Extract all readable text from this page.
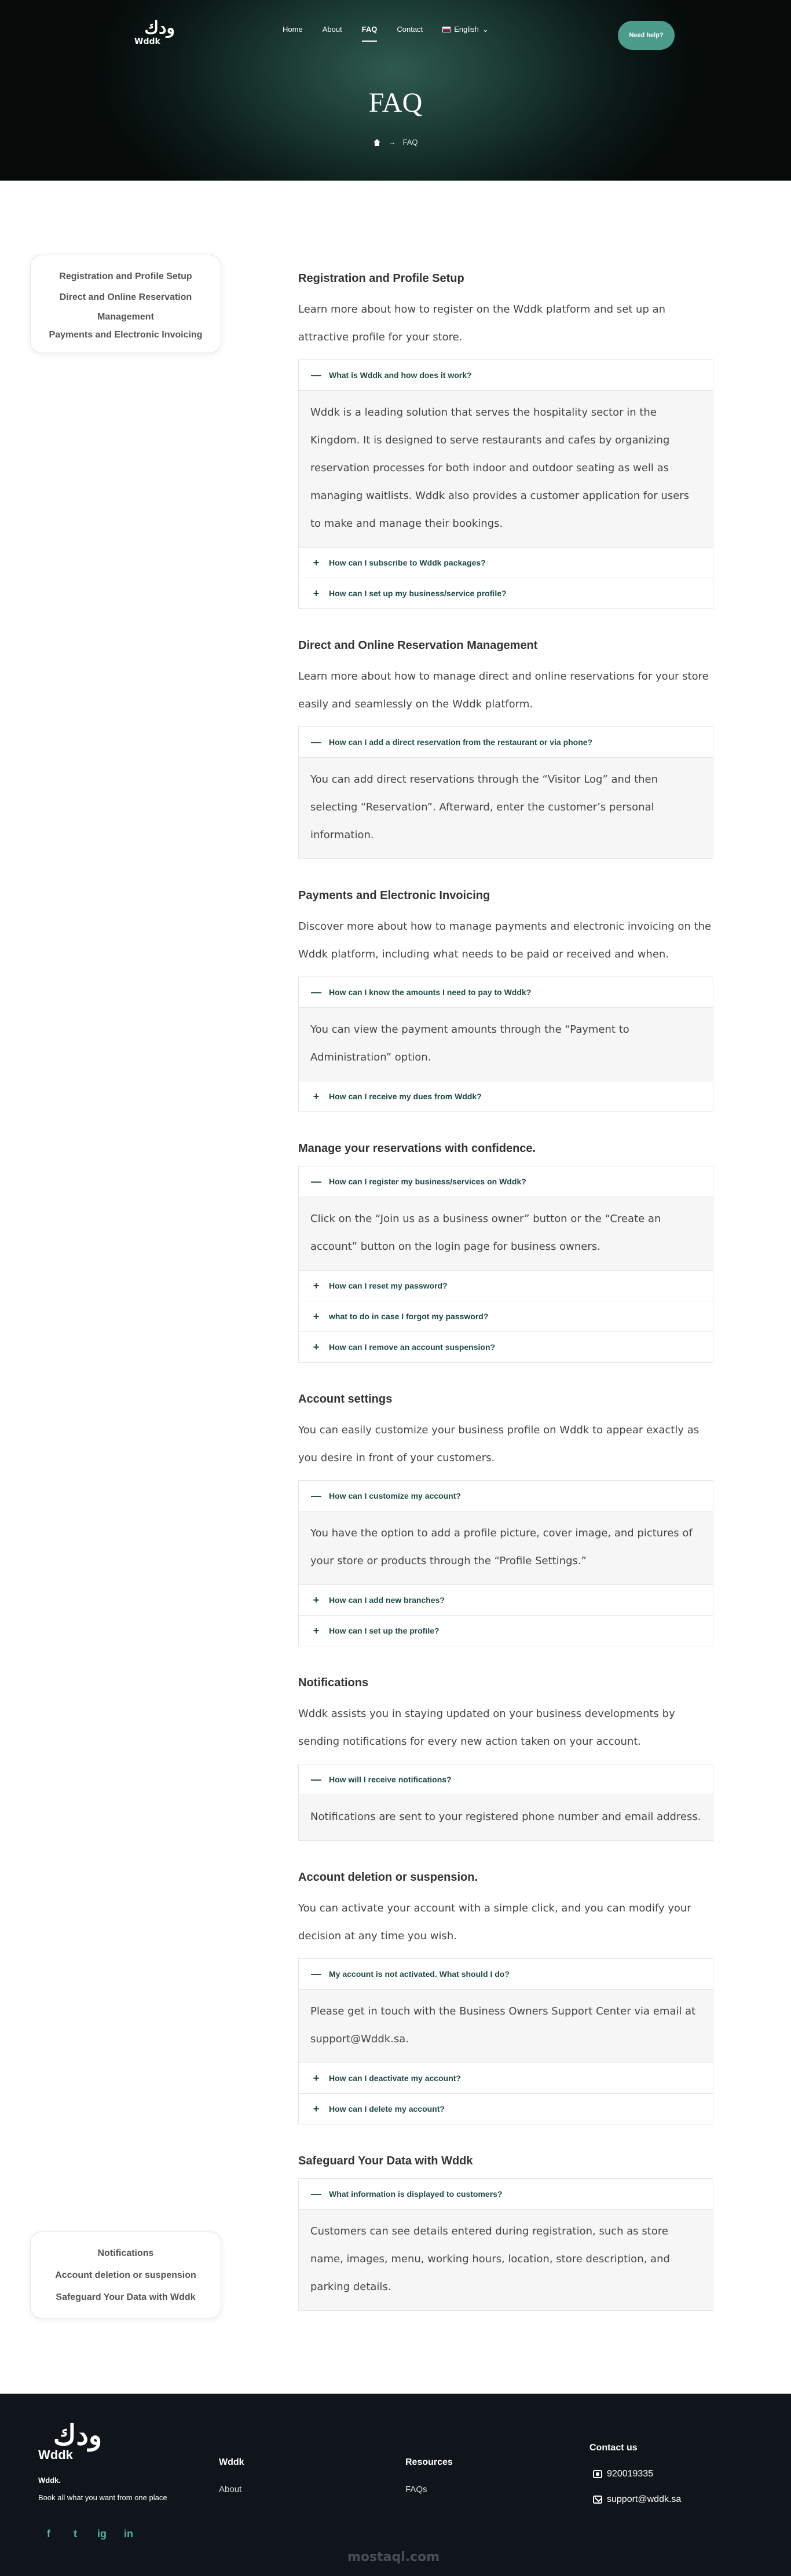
ودك
Wddk
Home	About	FAQ	Contact	English ⌄
Need help?
FAQ
→ FAQ
Registration and Profile Setup
Direct and Online Reservation Management
Payments and Electronic Invoicing
Notifications
Account deletion or suspension
Safeguard Your Data with Wddk
Registration and Profile Setup

Learn more about how to register on the Wddk platform and set up an attractive profile for your store.

— What is Wddk and how does it work?
Wddk is a leading solution that serves the hospitality sector in the Kingdom. It is designed to serve restaurants and cafes by organizing reservation processes for both indoor and outdoor seating as well as managing waitlists. Wddk also provides a customer application for users to make and manage their bookings.
+	How can I subscribe to Wddk packages?
+	How can I set up my business/service profile?
Direct and Online Reservation Management

Learn more about how to manage direct and online reservations for your store easily and seamlessly on the Wddk platform.

— How can I add a direct reservation from the restaurant or via phone?
You can add direct reservations through the “Visitor Log” and then selecting “Reservation”. Afterward, enter the customer’s personal information.
Payments and Electronic Invoicing

Discover more about how to manage payments and electronic invoicing on the Wddk platform, including what needs to be paid or received and when.

— How can I know the amounts I need to pay to Wddk?
You can view the payment amounts through the “Payment to Administration” option.
+	How can I receive my dues from Wddk?
Manage your reservations with confidence.
— How can I register my business/services on Wddk?
Click on the “Join us as a business owner” button or the “Create an account” button on the login page for business owners.
+	How can I reset my password?
+	what to do in case I forgot my password?
+	How can I remove an account suspension?
Account settings

You can easily customize your business profile on Wddk to appear exactly as you desire in front of your customers.

— How can I customize my account?
You have the option to add a profile picture, cover image, and pictures of your store or products through the “Profile Settings.”
+	How can I add new branches?
+	How can I set up the profile?
Notifications

Wddk assists you in staying updated on your business developments by sending notifications for every new action taken on your account.

— How will I receive notifications?
Notifications are sent to your registered phone number and email address.
Account deletion or suspension.

You can activate your account with a simple click, and you can modify your decision at any time you wish.

— My account is not activated. What should I do?
Please get in touch with the Business Owners Support Center via email at support@Wddk.sa.
+	How can I deactivate my account?
+	How can I delete my account?
Safeguard Your Data with Wddk
— What information is displayed to customers?
Customers can see details entered during registration, such as store name, images, menu, working hours, location, store description, and parking details.
ودك
Wddk
Wddk.
Book all what you want from one place
f	t	ig in
Wddk
About
Resources
FAQs
Contact us
920019335
support@wddk.sa
mostaql.com
